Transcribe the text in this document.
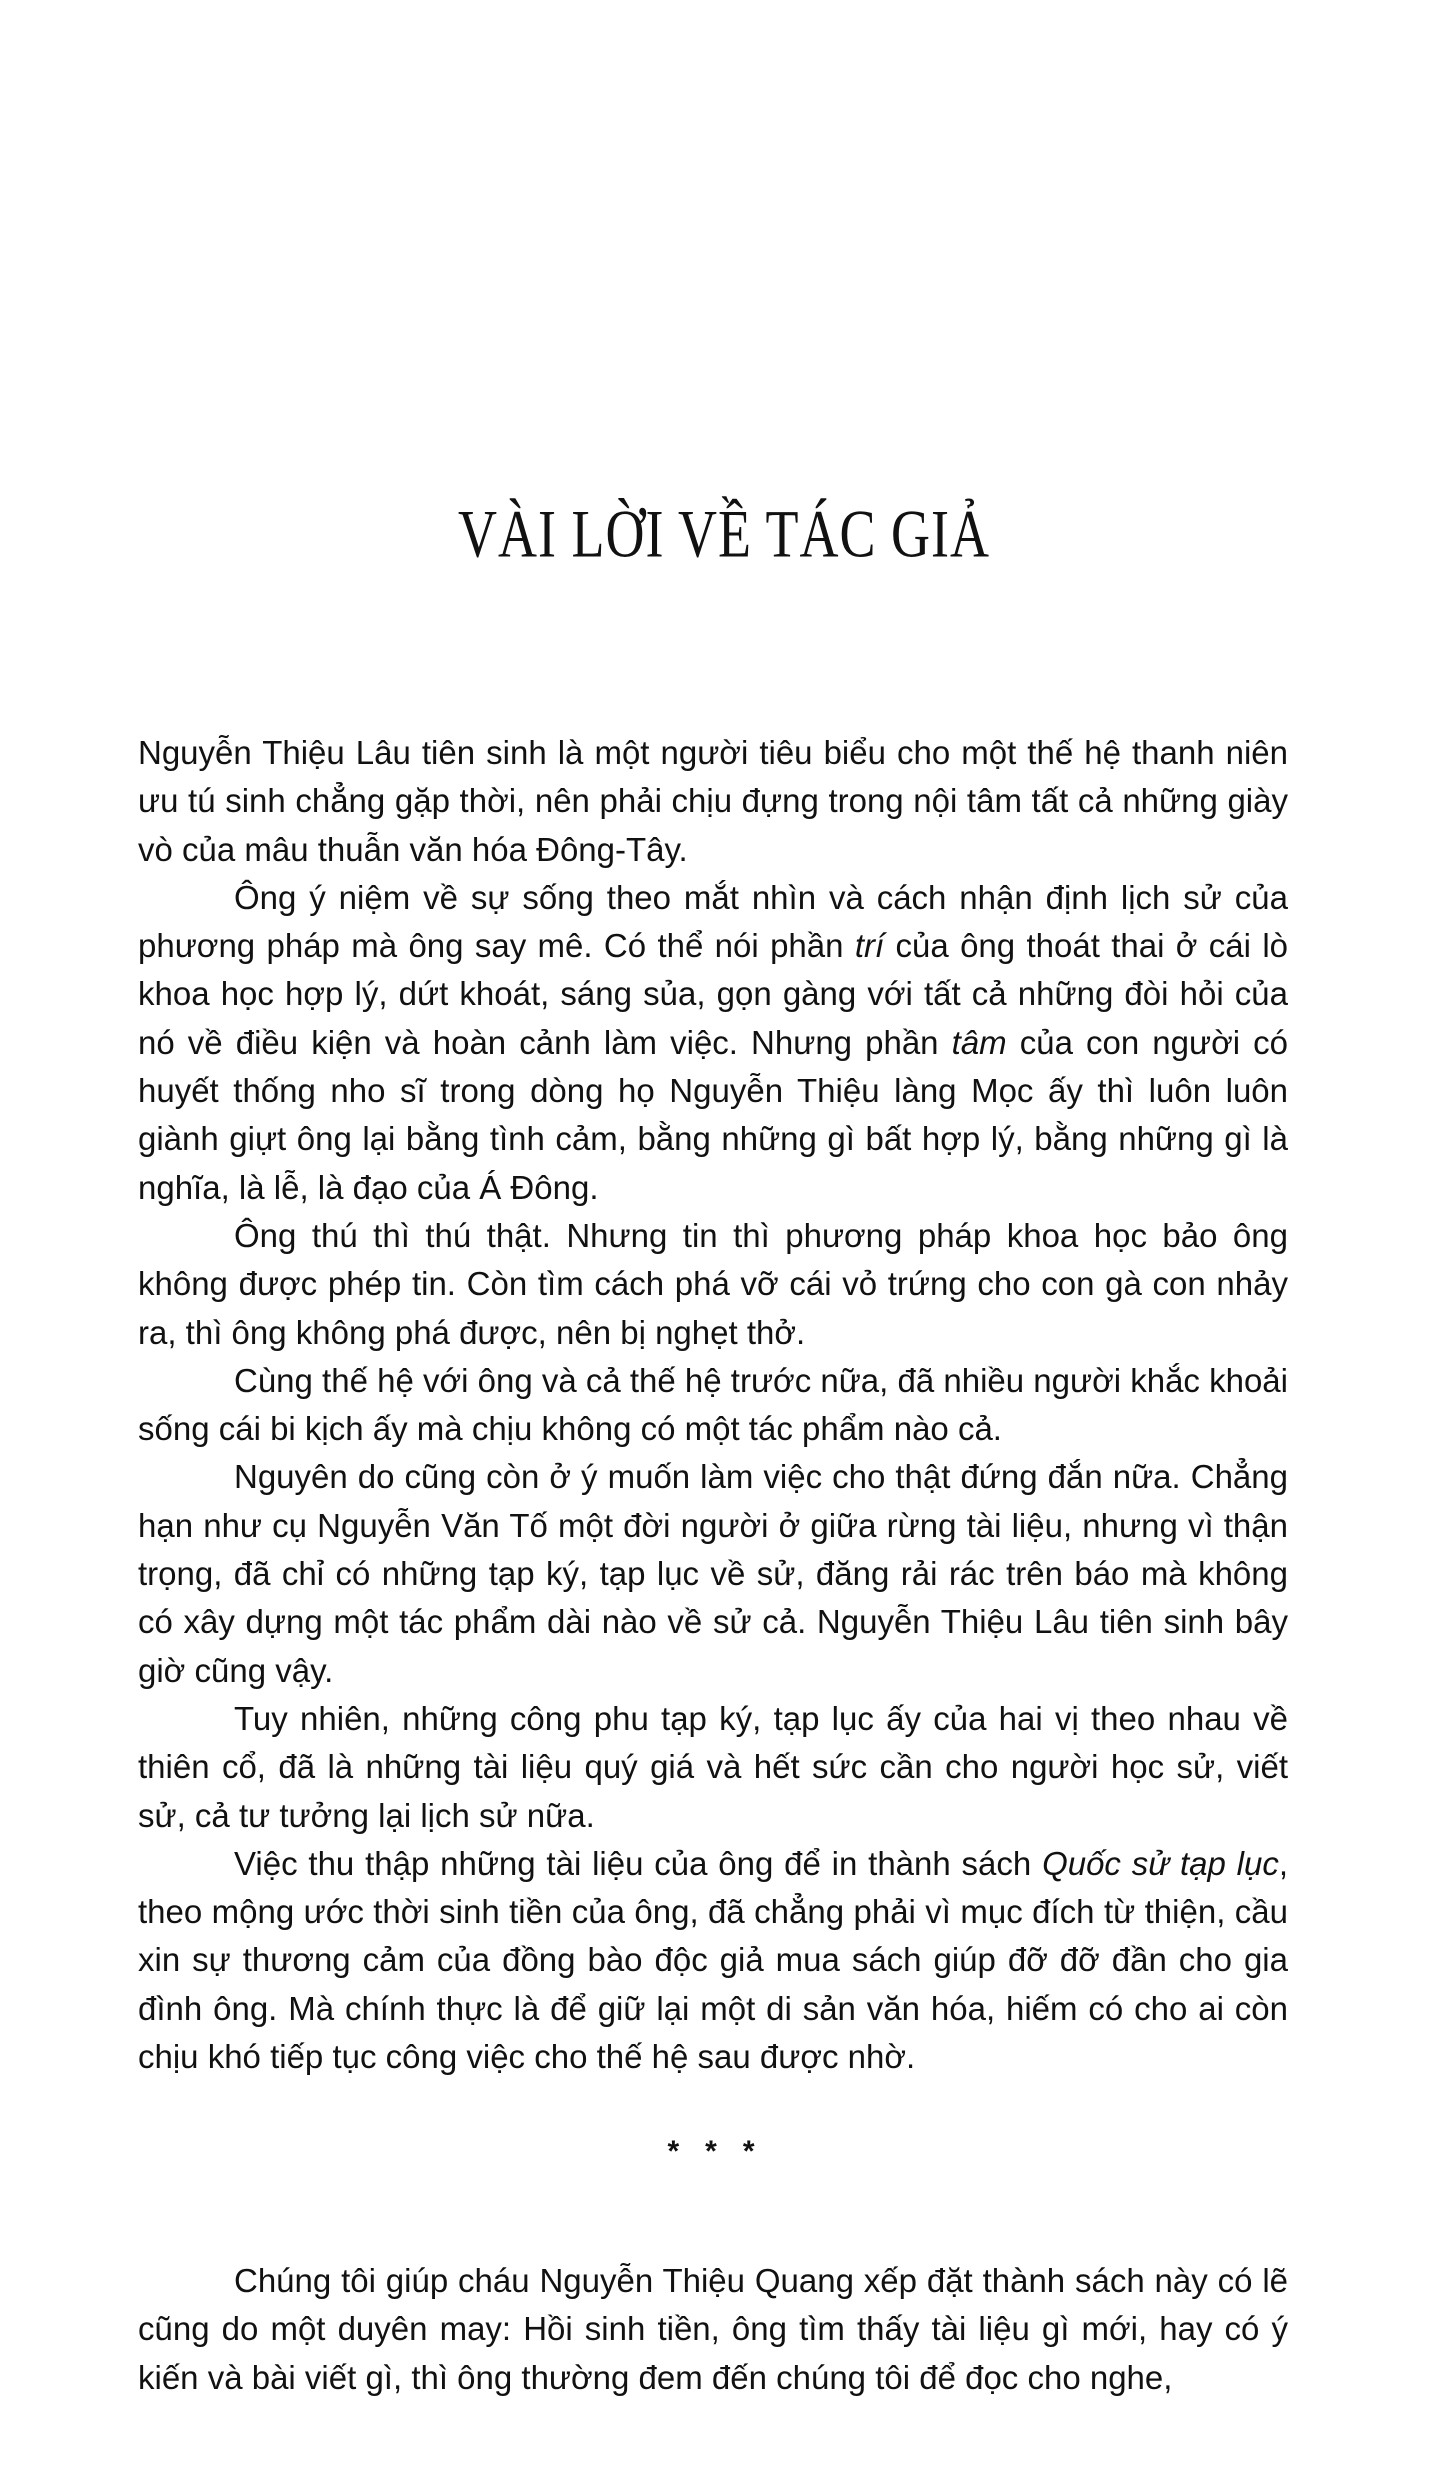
VÀI LỜI VỀ TÁC GIẢ

Nguyễn Thiệu Lâu tiên sinh là một người tiêu biểu cho một thế hệ thanh niên ưu tú sinh chẳng gặp thời, nên phải chịu đựng trong nội tâm tất cả những giày vò của mâu thuẫn văn hóa Đông-Tây.

Ông ý niệm về sự sống theo mắt nhìn và cách nhận định lịch sử của phương pháp mà ông say mê. Có thể nói phần trí của ông thoát thai ở cái lò khoa học hợp lý, dứt khoát, sáng sủa, gọn gàng với tất cả những đòi hỏi của nó về điều kiện và hoàn cảnh làm việc. Nhưng phần tâm của con người có huyết thống nho sĩ trong dòng họ Nguyễn Thiệu làng Mọc ấy thì luôn luôn giành giựt ông lại bằng tình cảm, bằng những gì bất hợp lý, bằng những gì là nghĩa, là lễ, là đạo của Á Đông.

Ông thú thì thú thật. Nhưng tin thì phương pháp khoa học bảo ông không được phép tin. Còn tìm cách phá vỡ cái vỏ trứng cho con gà con nhảy ra, thì ông không phá được, nên bị nghẹt thở.

Cùng thế hệ với ông và cả thế hệ trước nữa, đã nhiều người khắc khoải sống cái bi kịch ấy mà chịu không có một tác phẩm nào cả.

Nguyên do cũng còn ở ý muốn làm việc cho thật đứng đắn nữa. Chẳng hạn như cụ Nguyễn Văn Tố một đời người ở giữa rừng tài liệu, nhưng vì thận trọng, đã chỉ có những tạp ký, tạp lục về sử, đăng rải rác trên báo mà không có xây dựng một tác phẩm dài nào về sử cả. Nguyễn Thiệu Lâu tiên sinh bây giờ cũng vậy.

Tuy nhiên, những công phu tạp ký, tạp lục ấy của hai vị theo nhau về thiên cổ, đã là những tài liệu quý giá và hết sức cần cho người học sử, viết sử, cả tư tưởng lại lịch sử nữa.

Việc thu thập những tài liệu của ông để in thành sách Quốc sử tạp lục, theo mộng ước thời sinh tiền của ông, đã chẳng phải vì mục đích từ thiện, cầu xin sự thương cảm của đồng bào độc giả mua sách giúp đỡ đỡ đần cho gia đình ông. Mà chính thực là để giữ lại một di sản văn hóa, hiếm có cho ai còn chịu khó tiếp tục công việc cho thế hệ sau được nhờ.

***

Chúng tôi giúp cháu Nguyễn Thiệu Quang xếp đặt thành sách này có lẽ cũng do một duyên may: Hồi sinh tiền, ông tìm thấy tài liệu gì mới, hay có ý kiến và bài viết gì, thì ông thường đem đến chúng tôi để đọc cho nghe,
